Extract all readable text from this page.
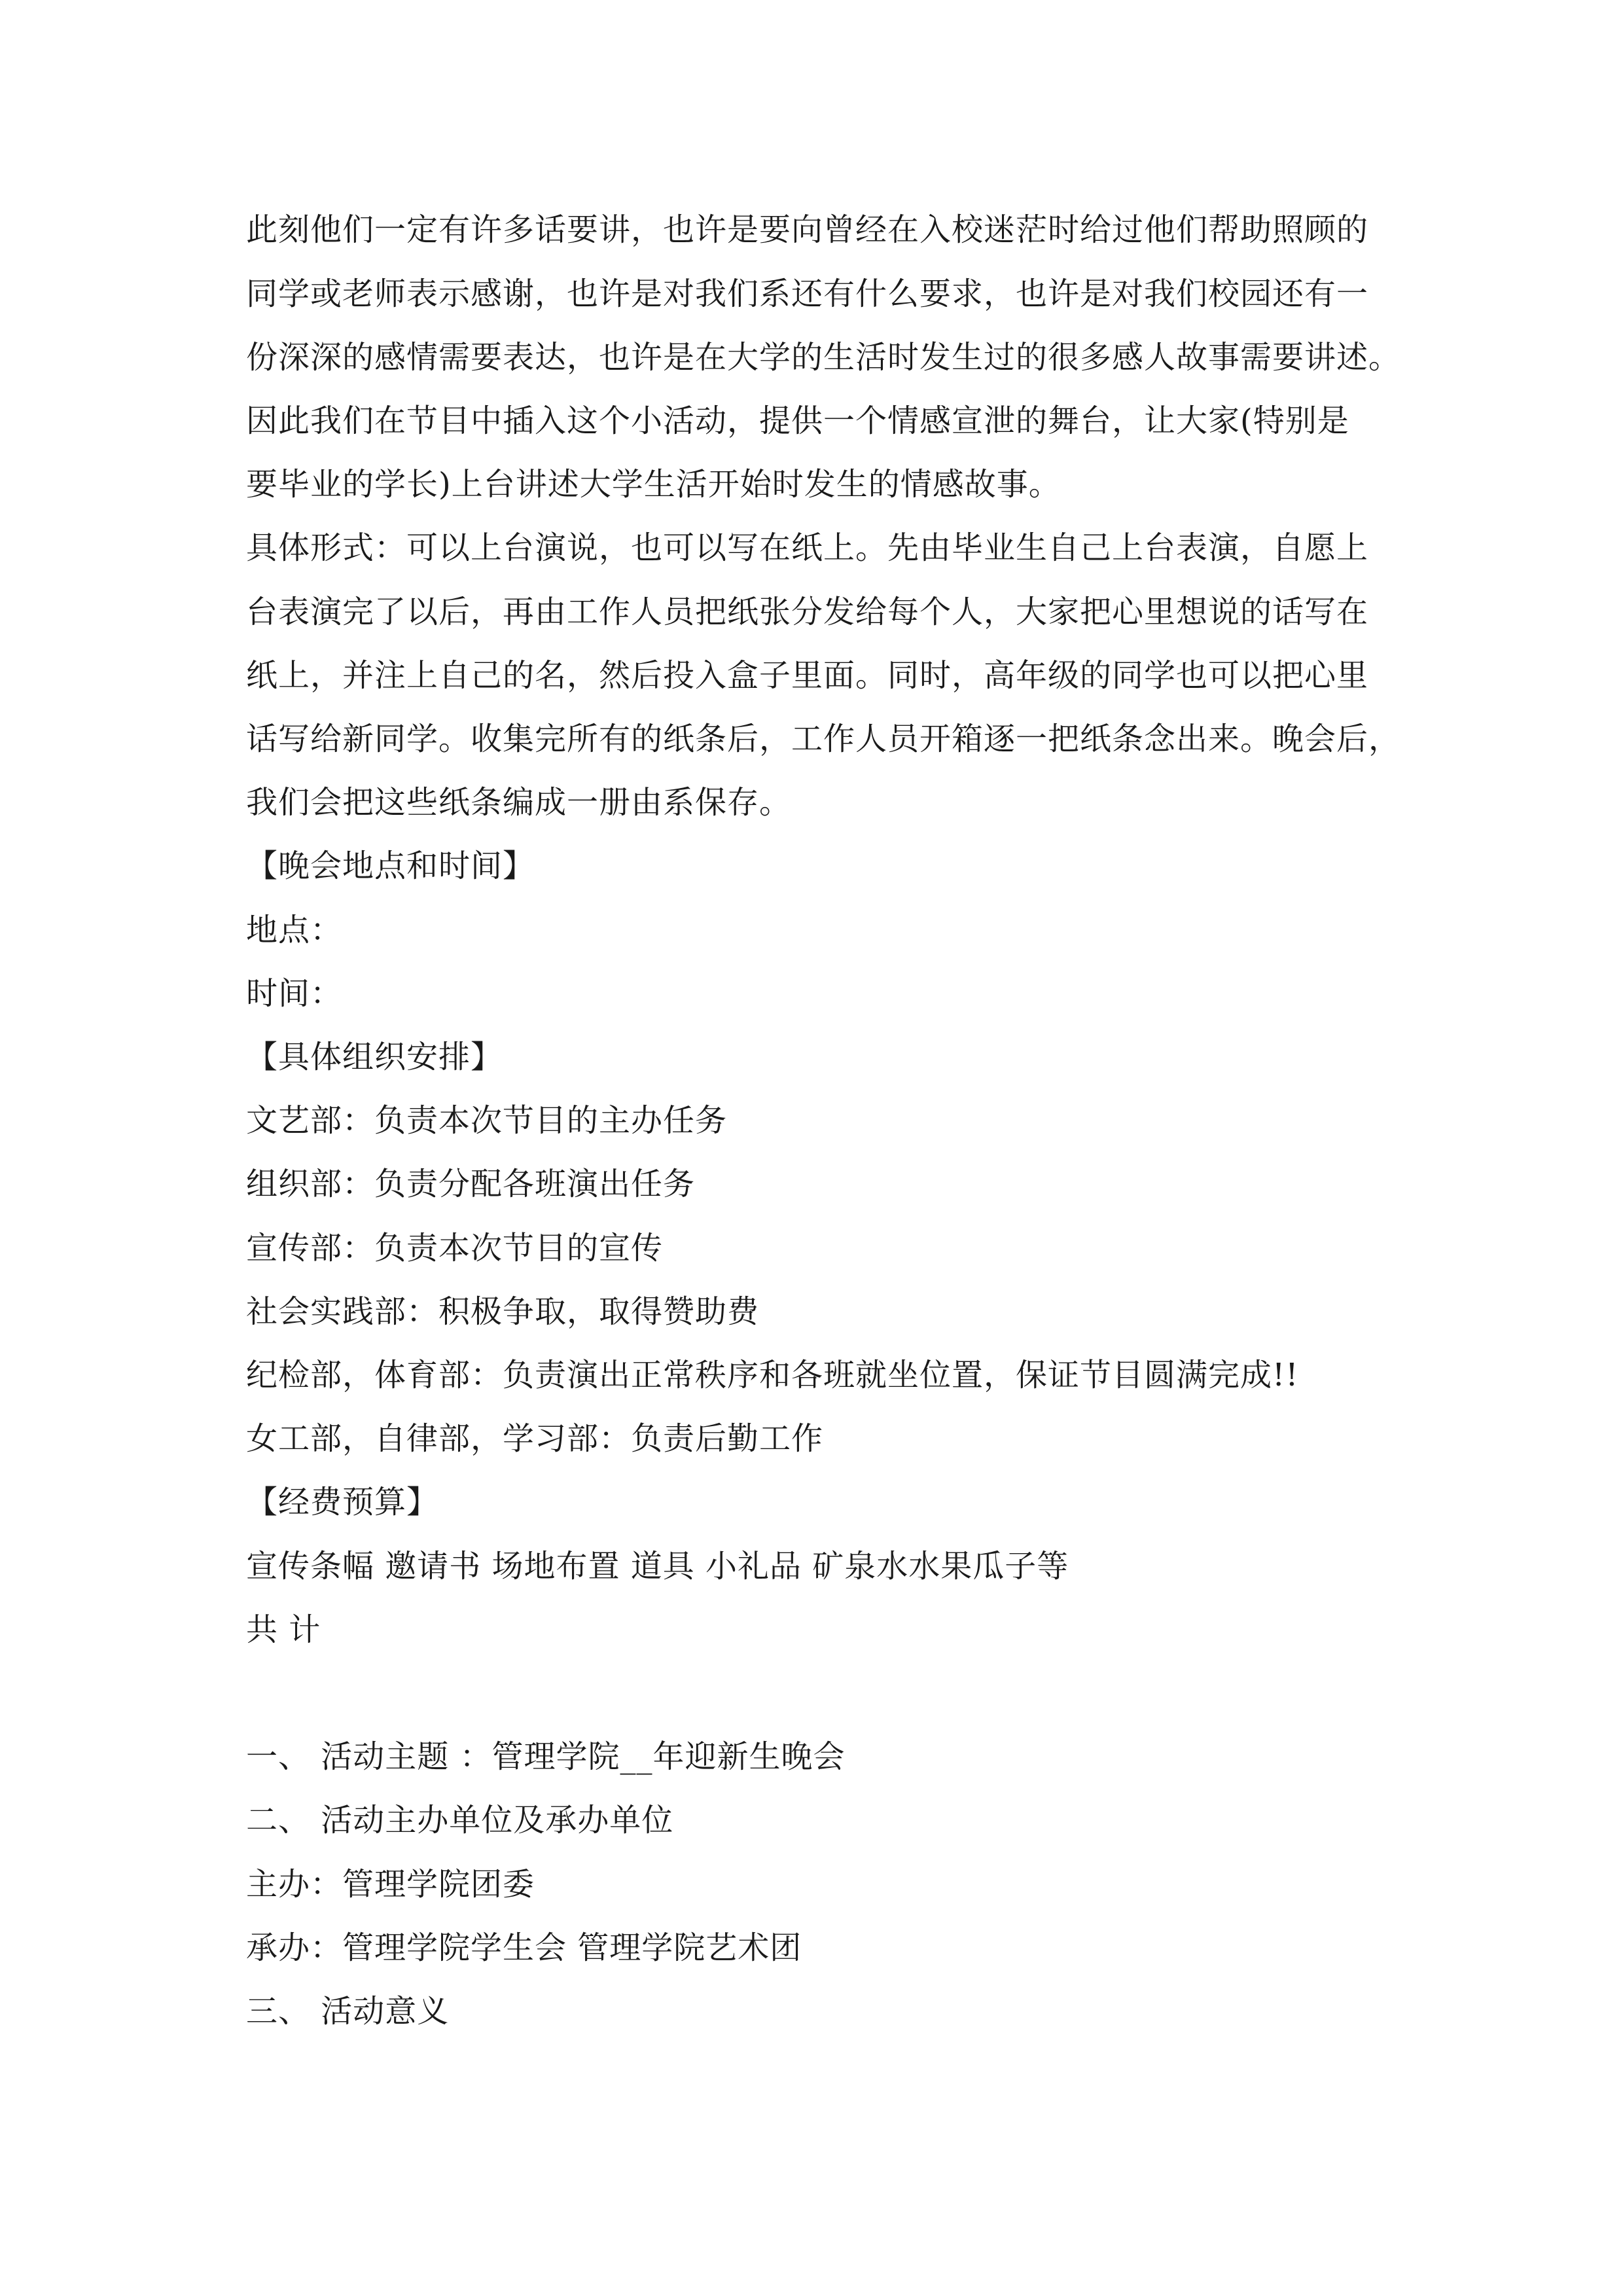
此刻他们一定有许多话要讲，也许是要向曾经在入校迷茫时给过他们帮助照顾的
同学或老师表示感谢，也许是对我们系还有什么要求，也许是对我们校园还有一
份深深的感情需要表达，也许是在大学的生活时发生过的很多感人故事需要讲述。
因此我们在节目中插入这个小活动，提供一个情感宣泄的舞台，让大家(特别是
要毕业的学长)上台讲述大学生活开始时发生的情感故事。
具体形式：可以上台演说，也可以写在纸上。先由毕业生自己上台表演，自愿上
台表演完了以后，再由工作人员把纸张分发给每个人，大家把心里想说的话写在
纸上，并注上自己的名，然后投入盒子里面。同时，高年级的同学也可以把心里
话写给新同学。收集完所有的纸条后，工作人员开箱逐一把纸条念出来。晚会后，
我们会把这些纸条编成一册由系保存。
【晚会地点和时间】
地点：
时间：
【具体组织安排】
文艺部：负责本次节目的主办任务
组织部：负责分配各班演出任务
宣传部：负责本次节目的宣传
社会实践部：积极争取，取得赞助费
纪检部，体育部：负责演出正常秩序和各班就坐位置，保证节目圆满完成!!
女工部，自律部，学习部：负责后勤工作
【经费预算】
宣传条幅 邀请书 场地布置 道具 小礼品 矿泉水水果瓜子等
共 计
一、 活动主题 ：管理学院__年迎新生晚会
二、 活动主办单位及承办单位
主办：管理学院团委
承办：管理学院学生会 管理学院艺术团
三、 活动意义
